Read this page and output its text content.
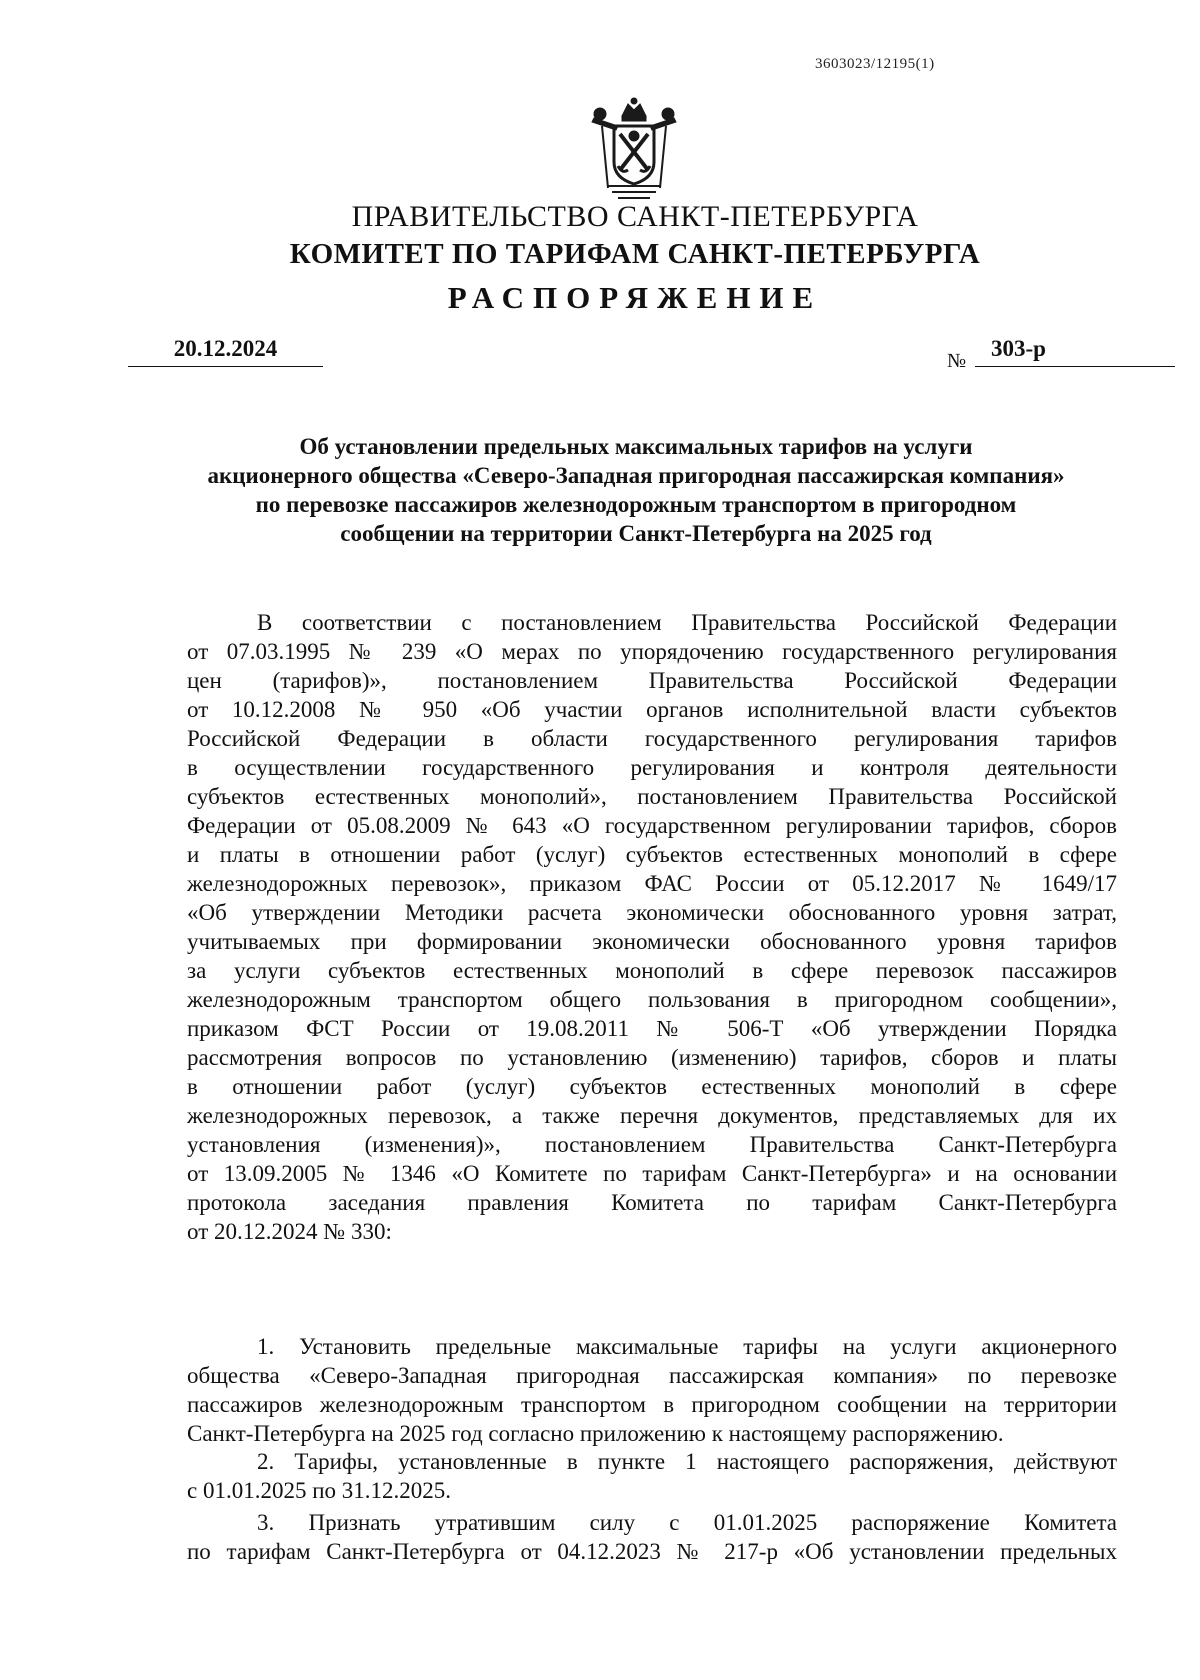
3603023/12195(1)
ПРАВИТЕЛЬСТВО САНКТ-ПЕТЕРБУРГА
КОМИТЕТ ПО ТАРИФАМ САНКТ-ПЕТЕРБУРГА
РАСПОРЯЖЕНИЕ
20.12.2024	№	303-р
Об установлении предельных максимальных тарифов на услуги
акционерного общества «Северо-Западная пригородная пассажирская компания»
по перевозке пассажиров железнодорожным транспортом в пригородном
сообщении на территории Санкт-Петербурга на 2025 год
В соответствии с постановлением Правительства Российской Федерации
от 07.03.1995 № 239 «О мерах по упорядочению государственного регулирования
цен (тарифов)», постановлением Правительства Российской Федерации
от 10.12.2008 № 950 «Об участии органов исполнительной власти субъектов
Российской Федерации в области государственного регулирования тарифов
в осуществлении государственного регулирования и контроля деятельности
субъектов естественных монополий», постановлением Правительства Российской
Федерации от 05.08.2009 № 643 «О государственном регулировании тарифов, сборов
и платы в отношении работ (услуг) субъектов естественных монополий в сфере
железнодорожных перевозок», приказом ФАС России от 05.12.2017 № 1649/17
«Об утверждении Методики расчета экономически обоснованного уровня затрат,
учитываемых при формировании экономически обоснованного уровня тарифов
за услуги субъектов естественных монополий в сфере перевозок пассажиров
железнодорожным транспортом общего пользования в пригородном сообщении»,
приказом ФСТ России от 19.08.2011 № 506-Т «Об утверждении Порядка
рассмотрения вопросов по установлению (изменению) тарифов, сборов и платы
в отношении работ (услуг) субъектов естественных монополий в сфере
железнодорожных перевозок, а также перечня документов, представляемых для их
установления (изменения)», постановлением Правительства Санкт-Петербурга
от 13.09.2005 № 1346 «О Комитете по тарифам Санкт-Петербурга» и на основании
протокола заседания правления Комитета по тарифам Санкт-Петербурга
от 20.12.2024 № 330:
1. Установить предельные максимальные тарифы на услуги акционерного
общества «Северо-Западная пригородная пассажирская компания» по перевозке
пассажиров железнодорожным транспортом в пригородном сообщении на территории
Санкт-Петербурга на 2025 год согласно приложению к настоящему распоряжению.
2. Тарифы, установленные в пункте 1 настоящего распоряжения, действуют
с 01.01.2025 по 31.12.2025.
3. Признать утратившим силу с 01.01.2025 распоряжение Комитета
по тарифам Санкт-Петербурга от 04.12.2023 № 217-р «Об установлении предельных
